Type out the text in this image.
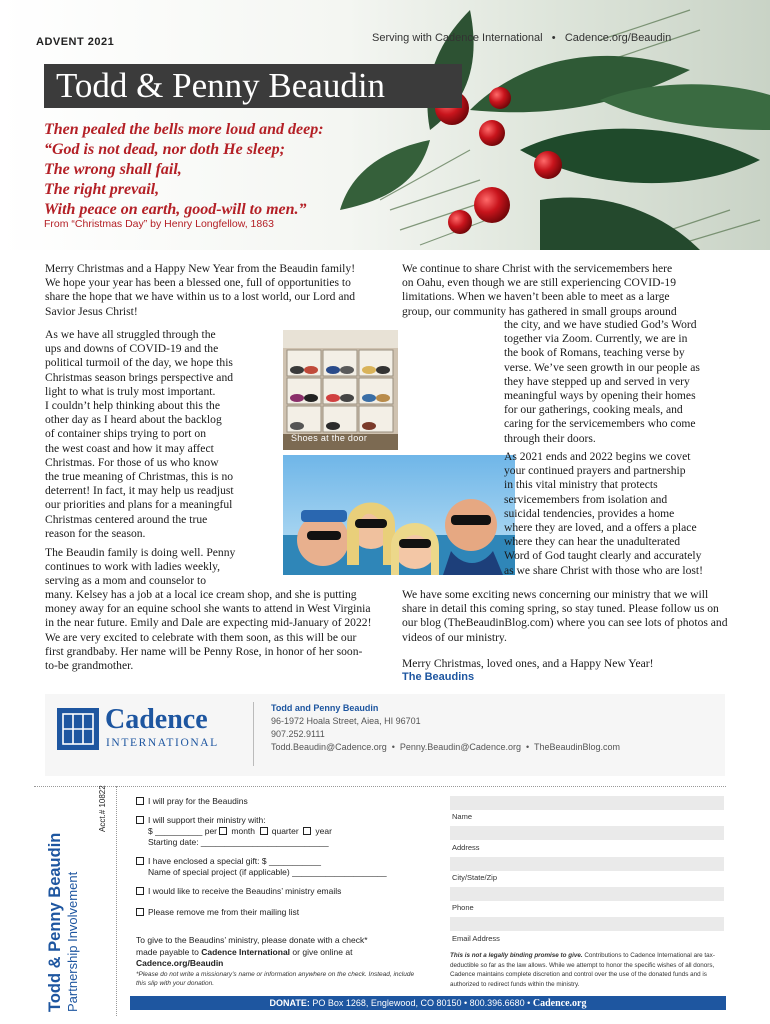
ADVENT 2021	Serving with Cadence International • Cadence.org/Beaudin
Todd & Penny Beaudin
Then pealed the bells more loud and deep:
“God is not dead, nor doth He sleep;
The wrong shall fail,
The right prevail,
With peace on earth, good-will to men.”
From “Christmas Day” by Henry Longfellow, 1863
Merry Christmas and a Happy New Year from the Beaudin family! We hope your year has been a blessed one, full of opportunities to share the hope that we have within us to a lost world, our Lord and Savior Jesus Christ!
As we have all struggled through the
ups and downs of COVID-19 and the
political turmoil of the day, we hope this
Christmas season brings perspective and
light to what is truly most important.
I couldn’t help thinking about this the
other day as I heard about the backlog
of container ships trying to port on
the west coast and how it may affect
Christmas. For those of us who know
the true meaning of Christmas, this is no
deterrent! In fact, it may help us readjust
our priorities and plans for a meaningful
Christmas centered around the true
reason for the season.
The Beaudin family is doing well. Penny
continues to work with ladies weekly,
serving as a mom and counselor to
many. Kelsey has a job at a local ice cream shop, and she is putting money away for an equine school she wants to attend in West Virginia in the near future. Emily and Dale are expecting mid-January of 2022! We are very excited to celebrate with them soon, as this will be our first grandbaby. Her name will be Penny Rose, in honor of her soon-to-be grandmother.
Shoes at the door
We continue to share Christ with the servicemembers here
on Oahu, even though we are still experiencing COVID-19
limitations. When we haven’t been able to meet as a large
group, our community has gathered in small groups around
the city, and we have studied God’s Word
together via Zoom. Currently, we are in
the book of Romans, teaching verse by
verse. We’ve seen growth in our people as
they have stepped up and served in very
meaningful ways by opening their homes
for our gatherings, cooking meals, and
caring for the servicemembers who come
through their doors.
As 2021 ends and 2022 begins we covet
your continued prayers and partnership
in this vital ministry that protects
servicemembers from isolation and
suicidal tendencies, provides a home
where they are loved, and a offers a place
where they can hear the unadulterated
Word of God taught clearly and accurately
as we share Christ with those who are lost!
We have some exciting news concerning our ministry that we will share in detail this coming spring, so stay tuned. Please follow us on our blog (TheBeaudinBlog.com) where you can see lots of photos and videos of our ministry.
Merry Christmas, loved ones, and a Happy New Year!
The Beaudins
Cadence
INTERNATIONAL
Todd and Penny Beaudin
96-1972 Hoala Street, Aiea, HI 96701
907.252.9111
Todd.Beaudin@Cadence.org • Penny.Beaudin@Cadence.org • TheBeaudinBlog.com
Todd & Penny Beaudin Partnership Involvement
Acct.# 10822	I will pray for the Beaudins
I will support their ministry with:
$ __________ per month quarter year
Starting date: ___________________________
I have enclosed a special gift: $ ___________
Name of special project (if applicable) ____________________
I would like to receive the Beaudins’ ministry emails
Please remove me from their mailing list
To give to the Beaudins’ ministry, please donate with a check*
made payable to Cadence International or give online at
Cadence.org/Beaudin
*Please do not write a missionary’s name or information anywhere on the check. Instead, include this slip with your donation.
Name
Address
City/State/Zip
Phone
Email Address
This is not a legally binding promise to give. Contributions to Cadence International are tax-deductible so far as the law allows. While we attempt to honor the specific wishes of all donors, Cadence maintains complete discretion and control over the use of the donated funds and is authorized to redirect funds within the ministry.
DONATE: PO Box 1268, Englewood, CO 80150 • 800.396.6680 • Cadence.org
